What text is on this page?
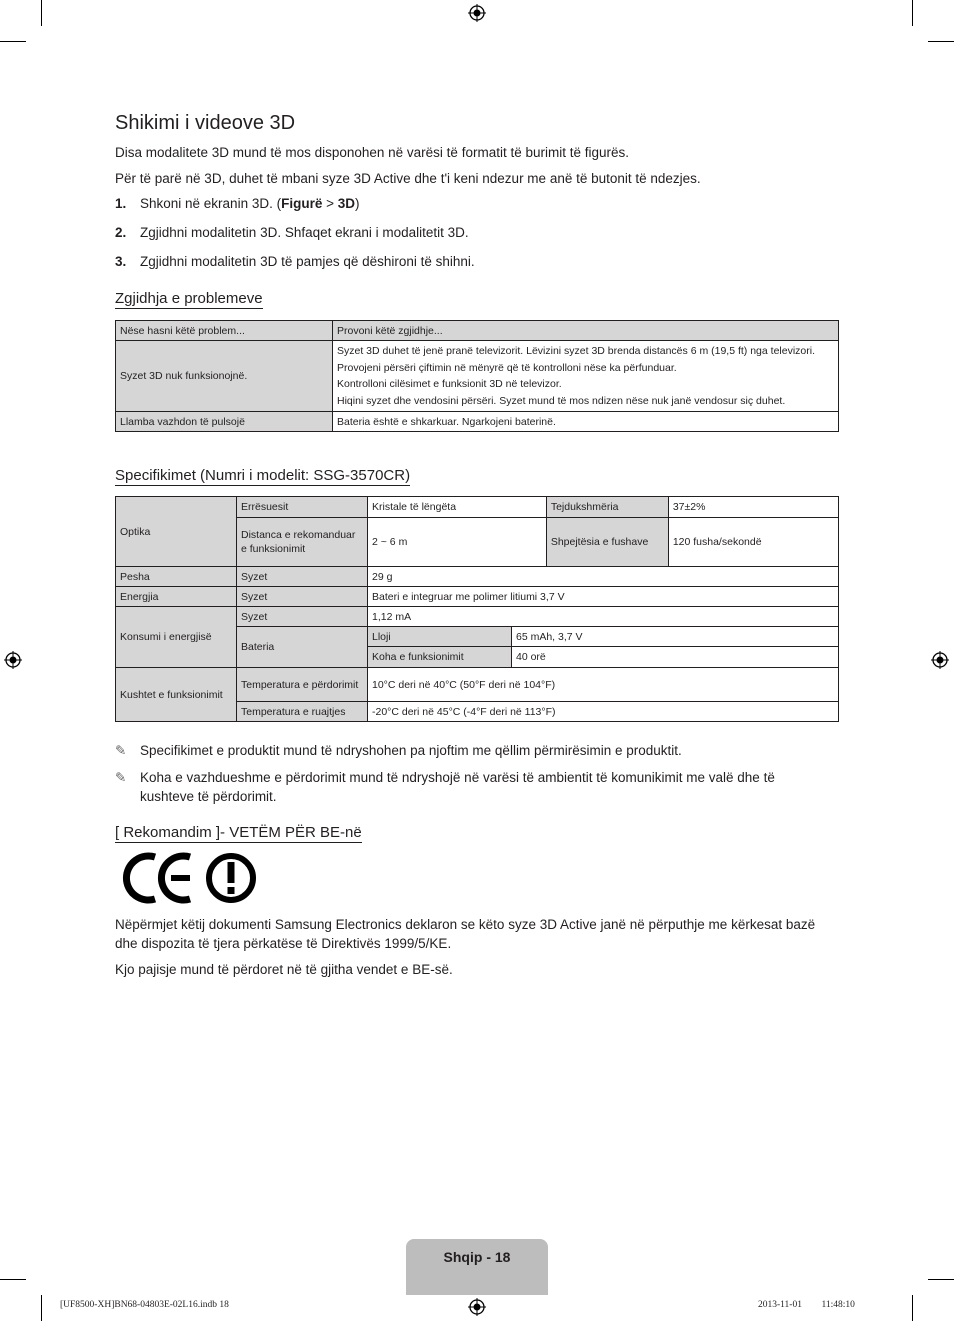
Shikimi i videove 3D

Disa modalitete 3D mund të mos disponohen në varësi të formatit të burimit të figurës.

Për të parë në 3D, duhet të mbani syze 3D Active dhe t'i keni ndezur me anë të butonit të ndezjes.

1. Shkoni në ekranin 3D. (Figurë > 3D)
2. Zgjidhni modalitetin 3D. Shfaqet ekrani i modalitetit 3D.
3. Zgjidhni modalitetin 3D të pamjes që dëshironi të shihni.
Zgjidhja e problemeve
Nëse hasni këtë problem...	Provoni këtë zgjidhje...
Syzet 3D nuk funksionojnë.	Syzet 3D duhet të jenë pranë televizorit. Lëvizini syzet 3D brenda distancës 6 m (19,5 ft) nga televizori.
Provojeni përsëri çiftimin në mënyrë që të kontrolloni nëse ka përfunduar.
Kontrolloni cilësimet e funksionit 3D në televizor.
Hiqini syzet dhe vendosini përsëri. Syzet mund të mos ndizen nëse nuk janë vendosur siç duhet.

Llamba vazhdon të pulsojë	Bateria është e shkarkuar. Ngarkojeni baterinë.
Specifikimet (Numri i modelit: SSG-3570CR)
Optika	Errësuesit	Kristale të lëngëta		Tejdukshmëria	37±2%
	Distanca e rekomanduar e funksionimit	2 ~ 6 m		Shpejtësia e fushave	120 fusha/sekondë
Pesha	Syzet	29 g			
Energjia	Syzet	Bateri e integruar me polimer litiumi 3,7 V			
Konsumi i energjisë	Syzet	1,12 mA			
	Bateria	Lloji	65 mAh, 3,7 V		
		Koha e funksionimit	40 orë		
Kushtet e funksionimit	Temperatura e përdorimit	10°C deri në 40°C (50°F deri në 104°F)			
	Temperatura e ruajtjes	-20°C deri në 45°C (-4°F deri në 113°F)			
✎	Specifikimet e produktit mund të ndryshohen pa njoftim me qëllim përmirësimin e produktit.
✎	Koha e vazhdueshme e përdorimit mund të ndryshojë në varësi të ambientit të komunikimit me valë dhe të kushteve të përdorimit.
[ Rekomandim ]- VETËM PËR BE-në

Nëpërmjet këtij dokumenti Samsung Electronics deklaron se këto syze 3D Active janë në përputhje me kërkesat bazë dhe dispozita të tjera përkatëse të Direktivës 1999/5/KE.

Kjo pajisje mund të përdoret në të gjitha vendet e BE-së.

Shqip - 18
[UF8500-XH]BN68-04803E-02L16.indb 18	2013-11-01 ￿￿ 11:48:10
